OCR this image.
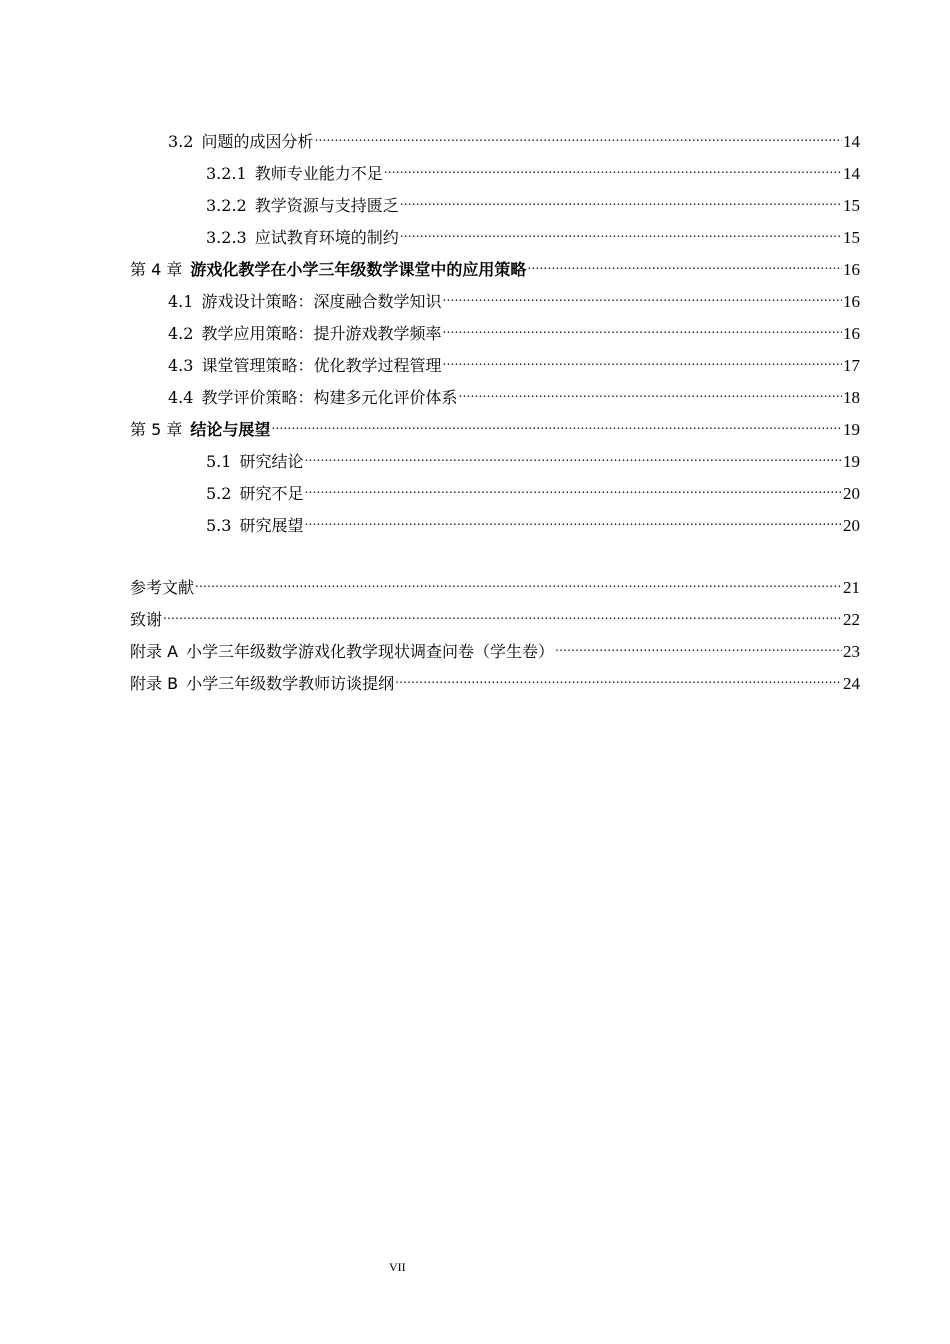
3.2 问题的成因分析 .....	14
3.2.1 教师专业能力不足 .....	14
3.2.2 教学资源与支持匮乏 .....	15
3.2.3 应试教育环境的制约 .....	15
第 4 章 游戏化教学在小学三年级数学课堂中的应用策略 .....	16
4.1 游戏设计策略：深度融合数学知识 .....	16
4.2 教学应用策略：提升游戏教学频率 .....	16
4.3 课堂管理策略：优化教学过程管理 .....	17
4.4 教学评价策略：构建多元化评价体系 .....	18
第 5 章 结论与展望 .....	19
5.1 研究结论 .....	19
5.2 研究不足 .....	20
5.3 研究展望 .....	20
参考文献 .....	21
致谢 .....	22
附录 A 小学三年级数学游戏化教学现状调查问卷（学生卷） .....	23
附录 B 小学三年级数学教师访谈提纲 .....	24
VII
